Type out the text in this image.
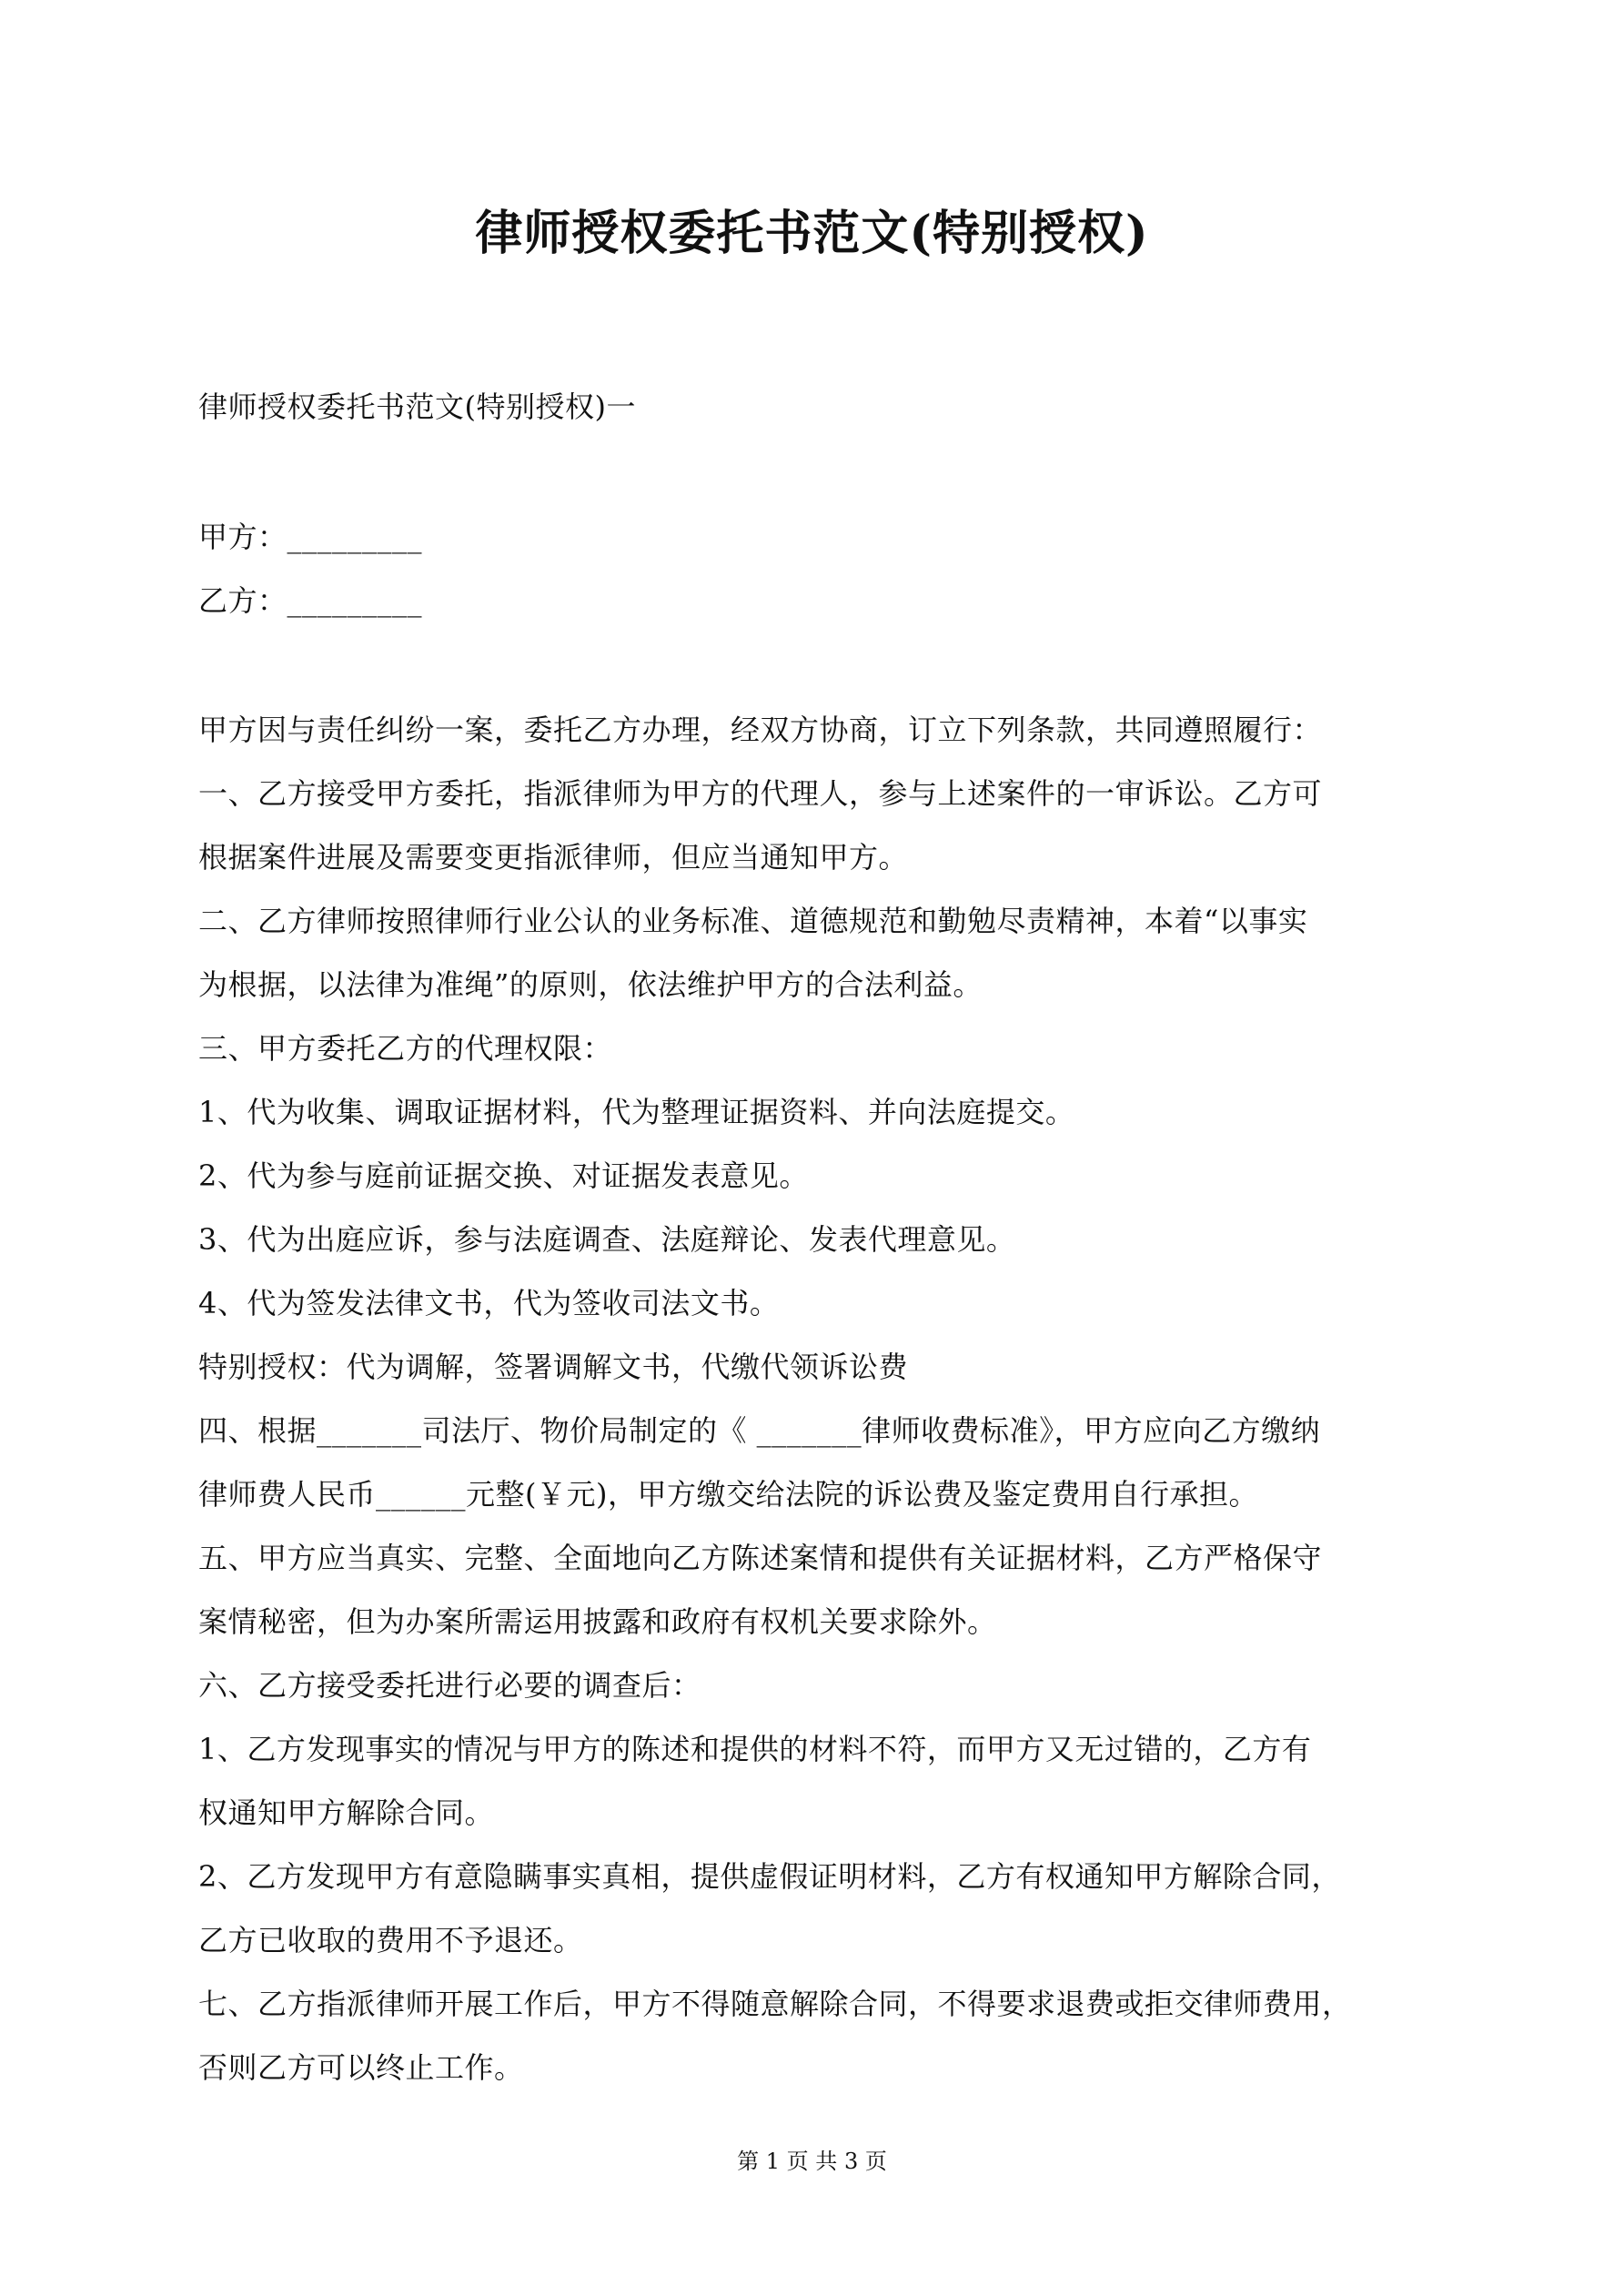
律师授权委托书范文(特别授权)
律师授权委托书范文(特别授权)一
甲方：_________
乙方：_________
甲方因与责任纠纷一案，委托乙方办理，经双方协商，订立下列条款，共同遵照履行：
一、乙方接受甲方委托，指派律师为甲方的代理人，参与上述案件的一审诉讼。乙方可
根据案件进展及需要变更指派律师，但应当通知甲方。
二、乙方律师按照律师行业公认的业务标准、道德规范和勤勉尽责精神，本着“以事实
为根据，以法律为准绳”的原则，依法维护甲方的合法利益。
三、甲方委托乙方的代理权限：
1、代为收集、调取证据材料，代为整理证据资料、并向法庭提交。
2、代为参与庭前证据交换、对证据发表意见。
3、代为出庭应诉，参与法庭调查、法庭辩论、发表代理意见。
4、代为签发法律文书，代为签收司法文书。
特别授权：代为调解，签署调解文书，代缴代领诉讼费
四、根据_______司法厅、物价局制定的《 _______律师收费标准》，甲方应向乙方缴纳
律师费人民币______元整(￥元)，甲方缴交给法院的诉讼费及鉴定费用自行承担。
五、甲方应当真实、完整、全面地向乙方陈述案情和提供有关证据材料，乙方严格保守
案情秘密，但为办案所需运用披露和政府有权机关要求除外。
六、乙方接受委托进行必要的调查后：
1、乙方发现事实的情况与甲方的陈述和提供的材料不符，而甲方又无过错的，乙方有
权通知甲方解除合同。
2、乙方发现甲方有意隐瞒事实真相，提供虚假证明材料，乙方有权通知甲方解除合同，
乙方已收取的费用不予退还。
七、乙方指派律师开展工作后，甲方不得随意解除合同，不得要求退费或拒交律师费用，
否则乙方可以终止工作。
第 1 页 共 3 页
